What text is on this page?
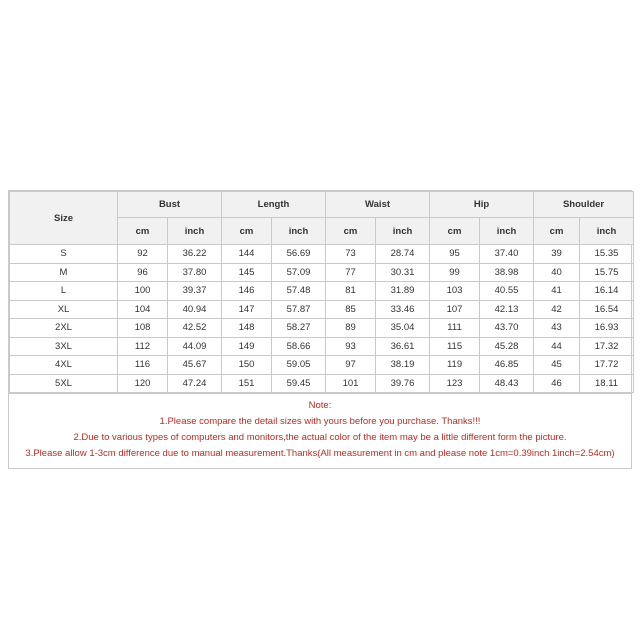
Size	Bust		Length		Waist		Hip		Shoulder	
	cm	inch	cm	inch	cm	inch	cm	inch	cm	inch
S	92	36.22	144	56.69	73	28.74	95	37.40	39	15.35
M	96	37.80	145	57.09	77	30.31	99	38.98	40	15.75
L	100	39.37	146	57.48	81	31.89	103	40.55	41	16.14
XL	104	40.94	147	57.87	85	33.46	107	42.13	42	16.54
2XL	108	42.52	148	58.27	89	35.04	111	43.70	43	16.93
3XL	112	44.09	149	58.66	93	36.61	115	45.28	44	17.32
4XL	116	45.67	150	59.05	97	38.19	119	46.85	45	17.72
5XL	120	47.24	151	59.45	101	39.76	123	48.43	46	18.11
Note:
1.Please compare the detail sizes with yours before you purchase. Thanks!!!
2.Due to various types of computers and monitors,the actual color of the item may be a little different form the picture.
3.Please allow 1-3cm difference due to manual measurement.Thanks(All measurement in cm and please note 1cm=0.39inch 1inch=2.54cm)
